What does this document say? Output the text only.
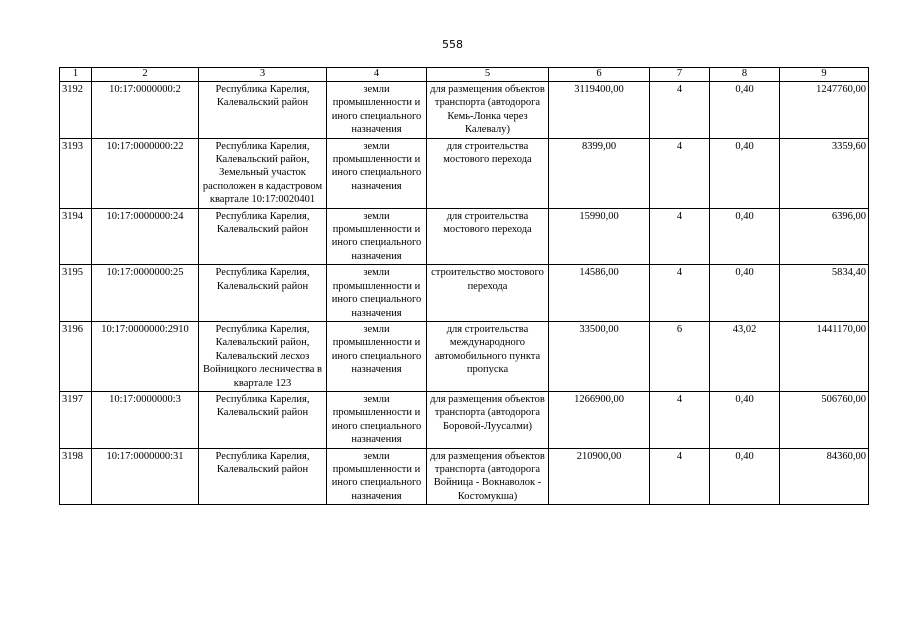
558
1	2	3	4	5	6	7	8	9
3192	10:17:0000000:2	Республика Карелия, Калевальский район	земли промышленности и иного специального назначения	для размещения объектов транспорта (автодорога Кемь-Лонка через Калевалу)	3119400,00	4	0,40	1247760,00
3193	10:17:0000000:22	Республика Карелия, Калевальский район, Земельный участок расположен в кадастровом квартале 10:17:0020401	земли промышленности и иного специального назначения	для строительства мостового перехода	8399,00	4	0,40	3359,60
3194	10:17:0000000:24	Республика Карелия, Калевальский район	земли промышленности и иного специального назначения	для строительства мостового перехода	15990,00	4	0,40	6396,00
3195	10:17:0000000:25	Республика Карелия, Калевальский район	земли промышленности и иного специального назначения	строительство мостового перехода	14586,00	4	0,40	5834,40
3196	10:17:0000000:2910	Республика Карелия, Калевальский район, Калевальский лесхоз Войницкого лесничества в квартале 123	земли промышленности и иного специального назначения	для строительства международного автомобильного пункта пропуска	33500,00	6	43,02	1441170,00
3197	10:17:0000000:3	Республика Карелия, Калевальский район	земли промышленности и иного специального назначения	для размещения объектов транспорта (автодорога Боровой-Луусалми)	1266900,00	4	0,40	506760,00
3198	10:17:0000000:31	Республика Карелия, Калевальский район	земли промышленности и иного специального назначения	для размещения объектов транспорта (автодорога Войница - Вокнаволок - Костомукша)	210900,00	4	0,40	84360,00
